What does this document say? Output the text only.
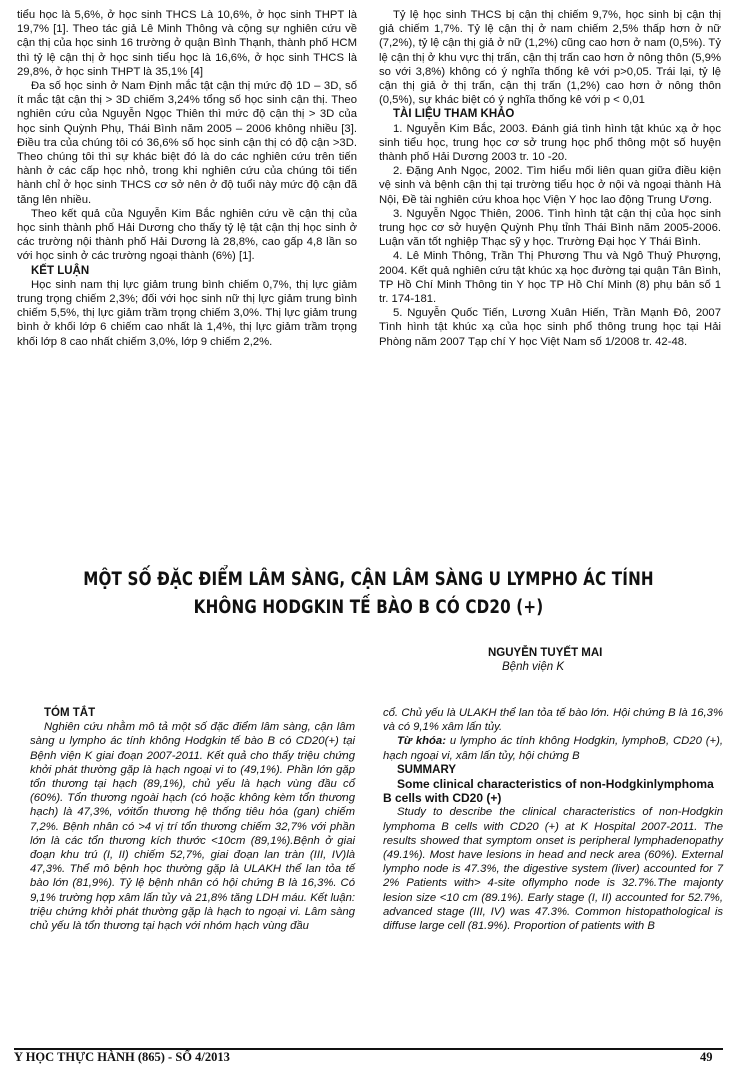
tiểu học là 5,6%, ở học sinh THCS Là 10,6%, ở học sinh THPT là 19,7% [1]. Theo tác giả Lê Minh Thông và cộng sự nghiên cứu về cận thị của học sinh 16 trường ở quận Bình Thạnh, thành phố HCM thì tỷ lệ cận thị ở học sinh tiểu học là 16,6%, ở học sinh THCS là 29,8%, ở học sinh THPT là 35,1% [4]

Đa số học sinh ở Nam Định mắc tật cận thị mức độ 1D – 3D, số ít mắc tật cận thị > 3D chiếm 3,24% tổng số học sinh cận thị. Theo nghiên cứu của Nguyễn Ngọc Thiên thì mức độ cận thị > 3D của học sinh Quỳnh Phụ, Thái Bình năm 2005 – 2006 không nhiều [3]. Điều tra của chúng tôi có 36,6% số học sinh cận thị có độ cận >3D. Theo chúng tôi thì sự khác biệt đó là do các nghiên cứu trên tiến hành ở các cấp học nhỏ, trong khi nghiên cứu của chúng tôi tiến hành chỉ ở học sinh THCS cơ sở nên ở độ tuổi này mức độ cận đã tăng lên nhiều.

Theo kết quả của Nguyễn Kim Bắc nghiên cứu về cận thị của học sinh thành phố Hải Dương cho thấy tỷ lệ tật cận thị học sinh ở các trường nội thành phố Hải Dương là 28,8%, cao gấp 4,8 lần so với học sinh ở các trường ngoại thành (6%) [1].

KẾT LUẬN

Học sinh nam thị lực giảm trung bình chiếm 0,7%, thị lực giảm trung trọng chiếm 2,3%; đối với học sinh nữ thị lực giảm trung bình chiếm 5,5%, thị lực giảm trầm trọng chiếm 3,0%. Thị lực giảm trung bình ở khối lớp 6 chiếm cao nhất là 1,4%, thị lực giảm trầm trọng khối lớp 8 cao nhất chiếm 3,0%, lớp 9 chiếm 2,2%.

Tỷ lệ học sinh THCS bị cận thị chiếm 9,7%, học sinh bị cận thị giả chiếm 1,7%. Tỷ lệ cận thị ở nam chiếm 2,5% thấp hơn ở nữ (7,2%), tỷ lệ cận thị giả ở nữ (1,2%) cũng cao hơn ở nam (0,5%). Tỷ lệ cận thị ở khu vực thị trấn, cận thị trấn cao hơn ở nông thôn (5,9% so với 3,8%) không có ý nghĩa thống kê với p>0,05. Trái lại, tỷ lệ cận thị giả ở thị trấn, cận thị trấn (1,2%) cao hơn ở nông thôn (0,5%), sự khác biệt có ý nghĩa thống kê với p < 0,01

TÀI LIỆU THAM KHẢO

1. Nguyễn Kim Bắc, 2003. Đánh giá tình hình tật khúc xạ ở học sinh tiểu học, trung học cơ sở trung học phổ thông một số huyện thành phố Hải Dương 2003 tr. 10 -20.

2. Đặng Anh Ngọc, 2002. Tìm hiểu mối liên quan giữa điều kiện vệ sinh và bệnh cận thị tại trường tiểu học ở nội và ngoại thành Hà Nội, Đề tài nghiên cứu khoa học Viện Y học lao động Trung Ương.

3. Nguyễn Ngọc Thiên, 2006. Tình hình tật cận thị của học sinh trung học cơ sở huyện Quỳnh Phụ tỉnh Thái Bình năm 2005-2006. Luận văn tốt nghiệp Thạc sỹ y học. Trường Đại học Y Thái Bình.

4. Lê Minh Thông, Trần Thị Phương Thu và Ngô Thuỷ Phượng, 2004. Kết quả nghiên cứu tật khúc xạ học đường tại quận Tân Bình, TP Hồ Chí Minh Thông tin Y học TP Hồ Chí Minh (8) phụ bản số 1 tr. 174-181.

5. Nguyễn Quốc Tiến, Lương Xuân Hiến, Trần Mạnh Đô, 2007 Tình hình tật khúc xạ của học sinh phổ thông trung học tại Hải Phòng năm 2007 Tạp chí Y học Việt Nam số 1/2008 tr. 42-48.

MỘT SỐ ĐẶC ĐIỂM LÂM SÀNG, CẬN LÂM SÀNG U LYMPHO ÁC TÍNH
KHÔNG HODGKIN TẾ BÀO B CÓ CD20 (+)
NGUYỄN TUYẾT MAI
Bệnh viện K
TÓM TẮT

Nghiên cứu nhằm mô tả một số đặc điểm lâm sàng, cận lâm sàng u lympho ác tính không Hodgkin tế bào B có CD20(+) tại Bệnh viện K giai đoạn 2007-2011. Kết quả cho thấy triệu chứng khởi phát thường gặp là hạch ngoại vi to (49,1%). Phần lớn gặp tổn thương tại hạch (89,1%), chủ yếu là hạch vùng đầu cổ (60%). Tổn thương ngoài hạch (có hoặc không kèm tổn thương hạch) là 47,3%, vớitổn thương hệ thống tiêu hóa (gan) chiếm 7,2%. Bệnh nhân có >4 vị trí tổn thương chiếm 32,7% với phần lớn là các tổn thương kích thước <10cm (89,1%).Bệnh ở giai đoạn khu trú (I, II) chiếm 52,7%, giai đoạn lan tràn (III, IV)là 47,3%. Thể mô bệnh học thường gặp là ULAKH thể lan tỏa tế bào lớn (81,9%). Tỷ lệ bệnh nhân có hội chứng B là 16,3%. Có 9,1% trường hợp xâm lấn tủy và 21,8% tăng LDH máu. Kết luận: triệu chứng khởi phát thường gặp là hạch to ngoại vi. Lâm sàng chủ yếu là tổn thương tại hạch với nhóm hạch vùng đầu

cổ. Chủ yếu là ULAKH thể lan tỏa tế bào lớn. Hội chứng B là 16,3% và có 9,1% xâm lấn tủy.

Từ khóa: u lympho ác tính không Hodgkin, lymphoB, CD20 (+), hạch ngoại vi, xâm lấn tủy, hội chứng B

SUMMARY

Some clinical characteristics of non-Hodgkinlymphoma B cells with CD20 (+)

Study to describe the clinical characteristics of non-Hodgkin lymphoma B cells with CD20 (+) at K Hospital 2007-2011. The results showed that symptom onset is peripheral lymphadenopathy (49.1%). Most have lesions in head and neck area (60%). External lympho node is 47.3%, the digestive system (liver) accounted for 7 2% Patients with> 4-site oflympho node is 32.7%.The majonty lesion size <10 cm (89.1%). Early stage (I, II) accounted for 52.7%, advanced stage (III, IV) was 47.3%. Common histopathological is diffuse large cell (81.9%). Proportion of patients with B

Y HỌC THỰC HÀNH (865) - SỐ 4/2013	49
